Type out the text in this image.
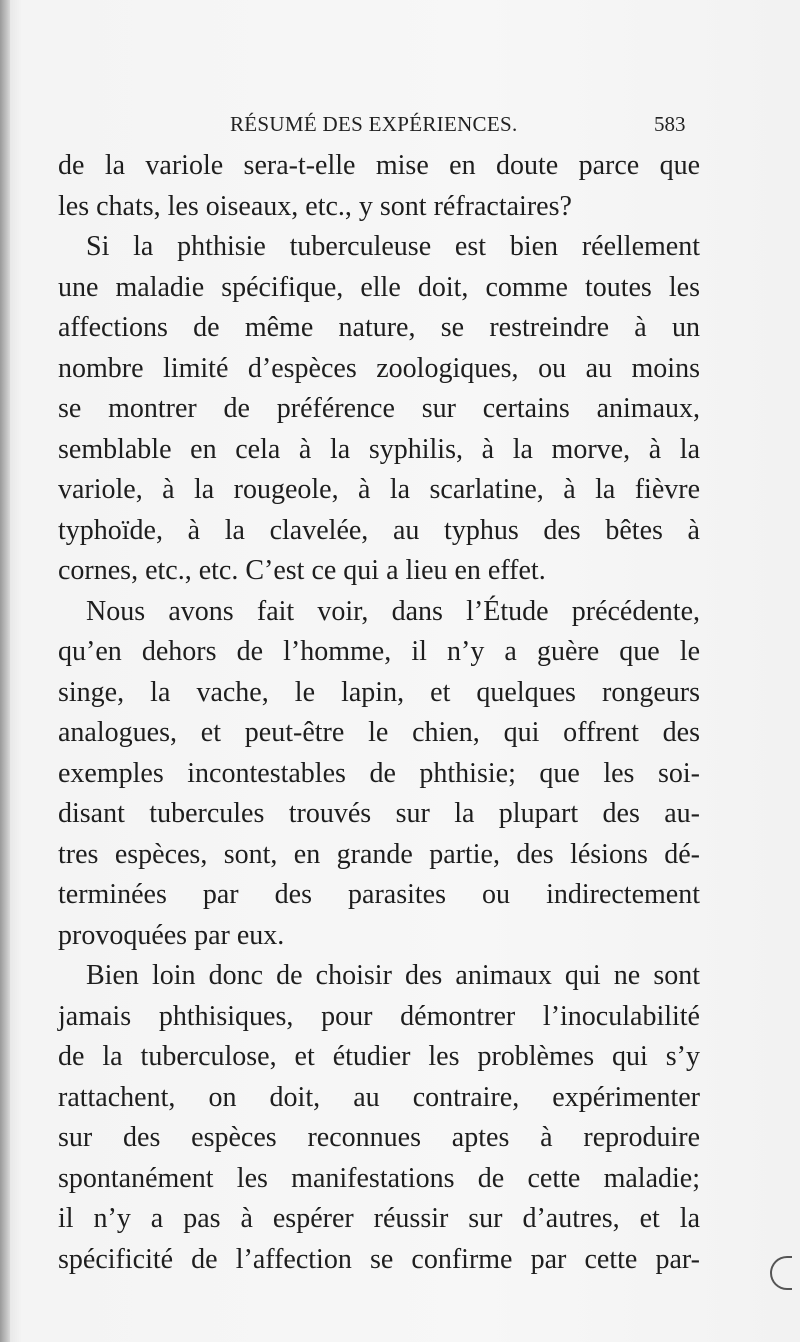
RÉSUMÉ DES EXPÉRIENCES.	583

de la variole sera-t-elle mise en doute parce que
les chats, les oiseaux, etc., y sont réfractaires?

Si la phthisie tuberculeuse est bien réellement
une maladie spécifique, elle doit, comme toutes les
affections de même nature, se restreindre à un
nombre limité d’espèces zoologiques, ou au moins
se montrer de préférence sur certains animaux,
semblable en cela à la syphilis, à la morve, à la
variole, à la rougeole, à la scarlatine, à la fièvre
typhoïde, à la clavelée, au typhus des bêtes à
cornes, etc., etc. C’est ce qui a lieu en effet.

Nous avons fait voir, dans l’Étude précédente,
qu’en dehors de l’homme, il n’y a guère que le
singe, la vache, le lapin, et quelques rongeurs
analogues, et peut-être le chien, qui offrent des
exemples incontestables de phthisie; que les soi-
disant tubercules trouvés sur la plupart des au-
tres espèces, sont, en grande partie, des lésions dé-
terminées par des parasites ou indirectement
provoquées par eux.

Bien loin donc de choisir des animaux qui ne sont
jamais phthisiques, pour démontrer l’inoculabilité
de la tuberculose, et étudier les problèmes qui s’y
rattachent, on doit, au contraire, expérimenter
sur des espèces reconnues aptes à reproduire
spontanément les manifestations de cette maladie;
il n’y a pas à espérer réussir sur d’autres, et la
spécificité de l’affection se confirme par cette par-
